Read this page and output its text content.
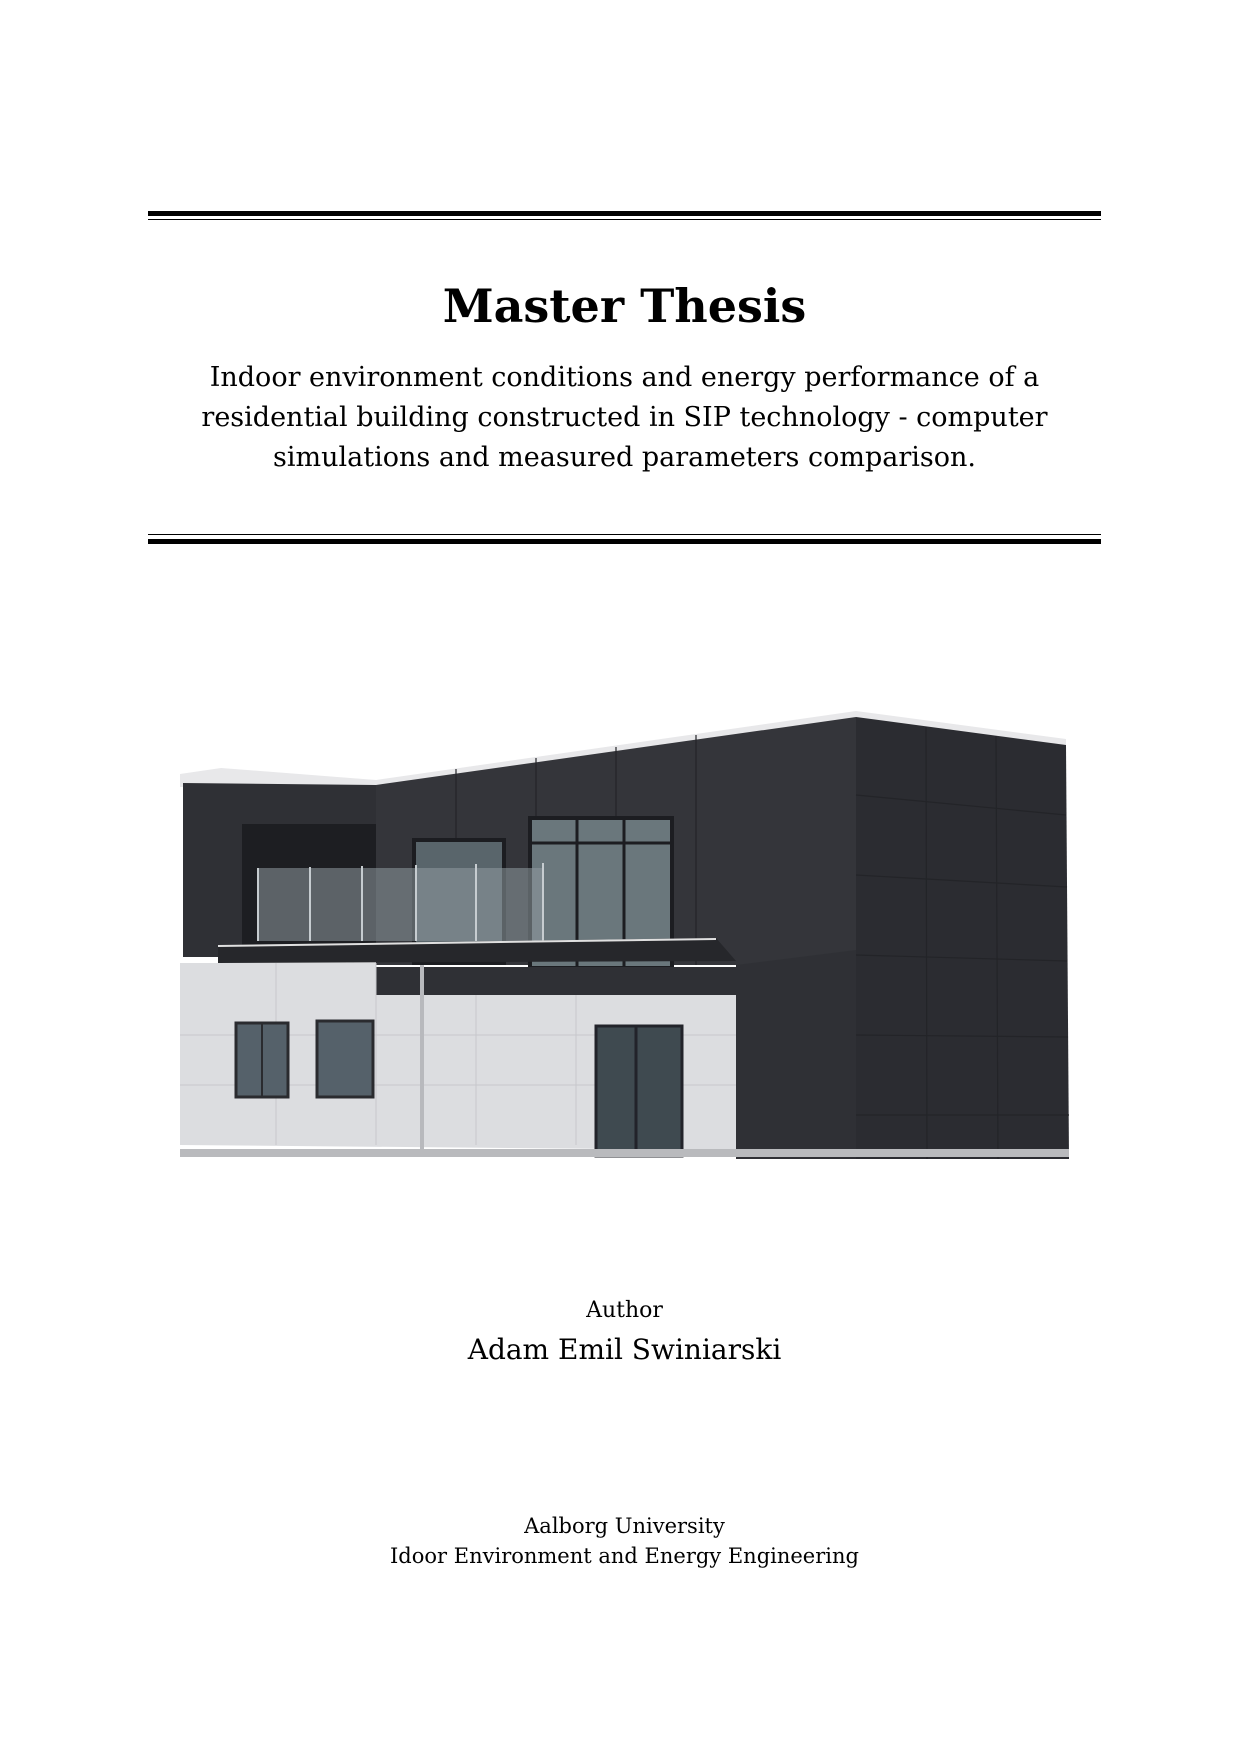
Master Thesis
Indoor environment conditions and energy performance of a
residential building constructed in SIP technology - computer
simulations and measured parameters comparison.
Author
Adam Emil Swiniarski
Aalborg University
Idoor Environment and Energy Engineering
